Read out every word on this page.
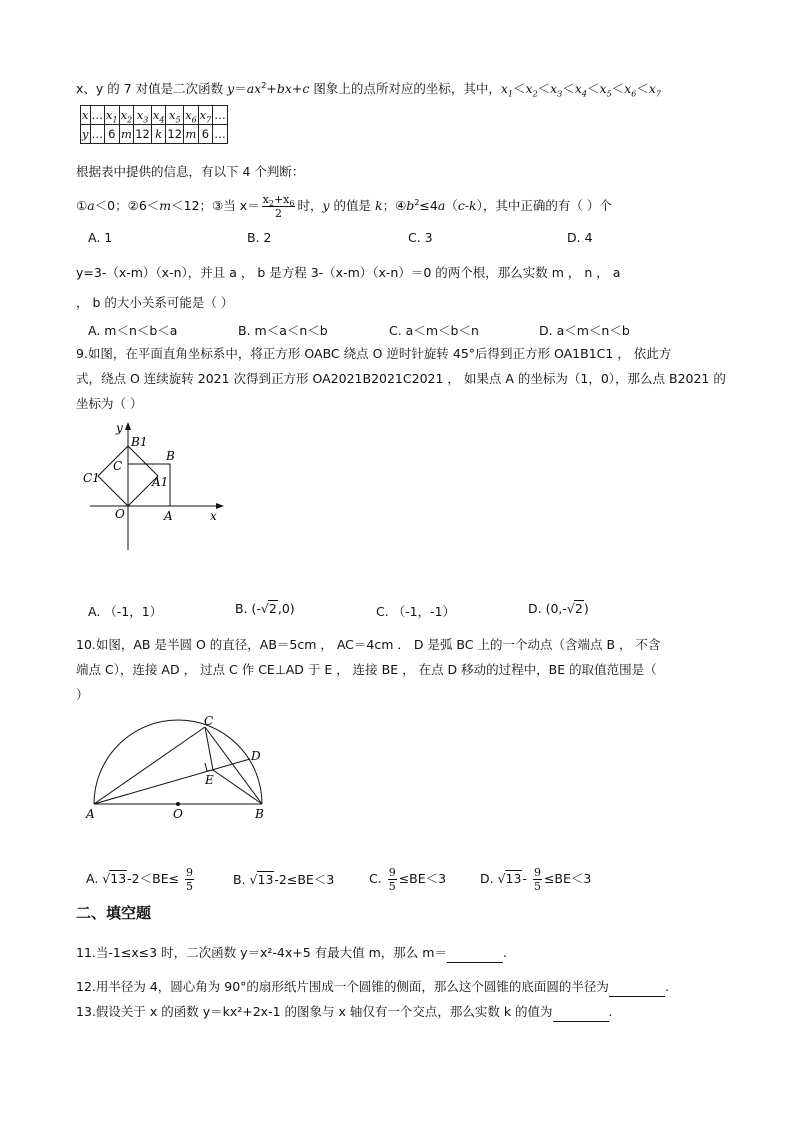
x、y 的 7 对值是二次函数 $y=ax^2+bx+c$ 图象上的点所对应的坐标，其中，$x_1<x_2<x_3<x_4<x_5<x_6<x_7$
x	…	$x_1$	$x_2$	$x_3$	$x_4$	$x_5$	$x_6$	$x_7$	…
y	…	6	m	12	k	12	m	6	…
根据表中提供的信息，有以下 4 个判断：
①a＜0；②6＜m＜12；③当 $x= \frac{x_2+x_6}{2}$ 时，y 的值是 k；$④b^2\le 4a(c-k)$，其中正确的有（ ）个
A. 1	B. 2	C. 3	D. 4
y=3-（x-m）（x-n），并且 a ， b 是方程 3-（x-m）（x-n）＝0 的两个根，那么实数 m ， n ， a
， b 的大小关系可能是（ ）
A. m＜n＜b＜a	B. m＜a＜n＜b	C. a＜m＜b＜n	D. a＜m＜n＜b
9.如图，在平面直角坐标系中，将正方形 OABC 绕点 O 逆时针旋转 45°后得到正方形 OA1B1C1 ， 依此方
式，绕点 O 连续旋转 2021 次得到正方形 OA2021B2021C2021 ， 如果点 A 的坐标为（1，0），那么点 B2021 的
坐标为（ ）
y
B1
B
C
C1	A1
O	A	x
A. （-1，1）	B. (-√2,0)	C. （-1，-1）	D. (0,-√2)
10.如图，AB 是半圆 O 的直径，AB＝5cm ， AC＝4cm ． D 是弧 BC 上的一个动点（含端点 B ， 不含
端点 C），连接 AD ， 过点 C 作 CE⊥AD 于 E ， 连接 BE ， 在点 D 移动的过程中，BE 的取值范围是（
）
C
D
E
A	O	B
A. $√13-2<BE\le \frac{9}{5}$	B. √13-2≤BE＜3	C. $\frac{9}{5} \le BE<3$	D. $√13- \frac{9}{5} \le BE<3$
二、填空题
11.当-1≤x≤3 时，二次函数 y＝x²-4x+5 有最大值 m，那么 m＝	.
12.用半径为 4，圆心角为 90°的扇形纸片围成一个圆锥的侧面，那么这个圆锥的底面圆的半径为	.
13.假设关于 x 的函数 y＝kx²+2x-1 的图象与 x 轴仅有一个交点，那么实数 k 的值为	.
